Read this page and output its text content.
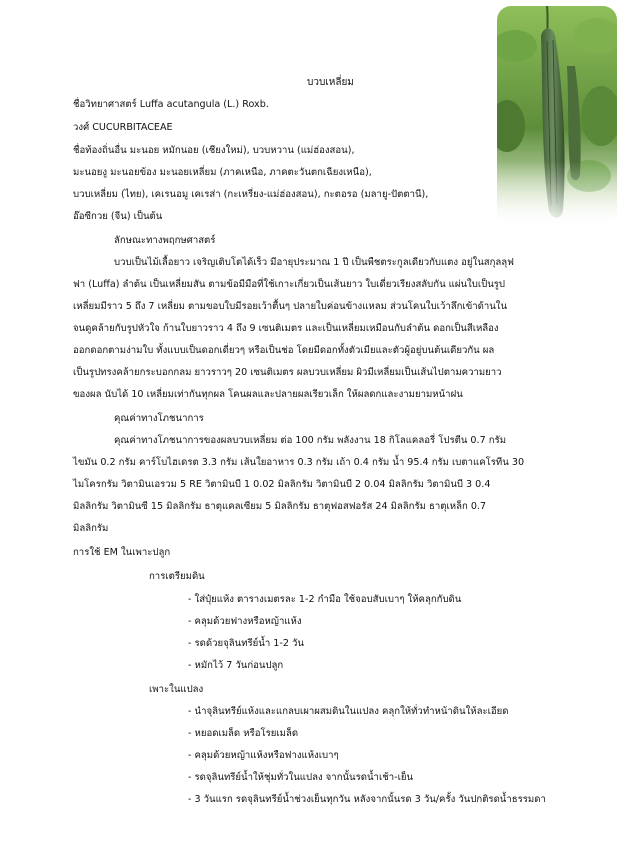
บวบเหลี่ยม
ชื่อวิทยาศาสตร์ Luffa acutangula (L.) Roxb.
วงศ์ CUCURBITACEAE
ชื่อท้องถิ่นอื่น มะนอย หมักนอย (เชียงใหม่), บวบหวาน (แม่ฮ่องสอน),
มะนอยงู มะนอยข้อง มะนอยเหลี่ยม (ภาคเหนือ, ภาคตะวันตกเฉียงเหนือ),
บวบเหลี่ยม (ไทย), เคเรนอมู เคเรส่า (กะเหรี่ยง-แม่ฮ่องสอน), กะตอรอ (มลายู-ปัตตานี),
อ๊อซีกวย (จีน) เป็นต้น
ลักษณะทางพฤกษศาสตร์
บวบเป็นไม้เลื้อยาว เจริญเติบโตได้เร็ว มีอายุประมาณ 1 ปี เป็นพืชตระกูลเดียวกับแตง อยู่ในสกุลลุฟ
ฟา (Luffa) ลำต้น เป็นเหลี่ยมสัน ตามข้อมีมือที่ใช้เกาะเกี่ยวเป็นเส้นยาว ใบเดี่ยวเรียงสลับกัน แผ่นใบเป็นรูป
เหลี่ยมมีราว 5 ถึง 7 เหลี่ยม ตามขอบใบมีรอยเว้าตื้นๆ ปลายใบค่อนข้างแหลม ส่วนโคนใบเว้าลึกเข้าด้านใน
จนดูคล้ายกับรูปหัวใจ ก้านใบยาวราว 4 ถึง 9 เซนติเมตร และเป็นเหลี่ยมเหมือนกับลำต้น ดอกเป็นสีเหลือง
ออกดอกตามง่ามใบ ทั้งแบบเป็นดอกเดี่ยวๆ หรือเป็นช่อ โดยมีดอกทั้งตัวเมียและตัวผู้อยู่บนต้นเดียวกัน ผล
เป็นรูปทรงคล้ายกระบอกกลม ยาวราวๆ 20 เซนติเมตร ผลบวบเหลี่ยม ผิวมีเหลี่ยมเป็นเส้นไปตามความยาว
ของผล นับได้ 10 เหลี่ยมเท่ากันทุกผล โคนผลและปลายผลเรียวเล็ก ให้ผลดกและงามยามหน้าฝน
คุณค่าทางโภชนาการ
คุณค่าทางโภชนาการของผลบวบเหลี่ยม ต่อ 100 กรัม พลังงาน 18 กิโลแคลอรี่ โปรตีน 0.7 กรัม
ไขมัน 0.2 กรัม คาร์โบไฮเดรต 3.3 กรัม เส้นใยอาหาร 0.3 กรัม เถ้า 0.4 กรัม น้ำ 95.4 กรัม เบตาแคโรทีน 30
ไมโครกรัม วิตามินเอรวม 5 RE วิตามินบี 1 0.02 มิลลิกรัม วิตามินบี 2 0.04 มิลลิกรัม วิตามินบี 3 0.4
มิลลิกรัม วิตามินซี 15 มิลลิกรัม ธาตุแคลเซียม 5 มิลลิกรัม ธาตุฟอสฟอรัส 24 มิลลิกรัม ธาตุเหล็ก 0.7
มิลลิกรัม
การใช้ EM ในเพาะปลูก
การเตรียมดิน
- ใส่ปุ๋ยแห้ง ตารางเมตรละ 1-2 กำมือ ใช้จอบสับเบาๆ ให้คลุกกับดิน
- คลุมด้วยฟางหรือหญ้าแห้ง
- รดด้วยจุลินทรีย์น้ำ 1-2 วัน
- หมักไว้ 7 วันก่อนปลูก
เพาะในแปลง
- นำจุลินทรีย์แห้งและแกลบเผาผสมดินในแปลง คลุกให้ทั่วทำหน้าดินให้ละเอียด
- หยอดเมล็ด หรือโรยเมล็ด
- คลุมด้วยหญ้าแห้งหรือฟางแห้งเบาๆ
- รดจุลินทรีย์น้ำให้ชุ่มทั่วในแปลง จากนั้นรดน้ำเช้า-เย็น
- 3 วันแรก รดจุลินทรีย์น้ำช่วงเย็นทุกวัน หลังจากนั้นรด 3 วัน/ครั้ง วันปกติรดน้ำธรรมดา
